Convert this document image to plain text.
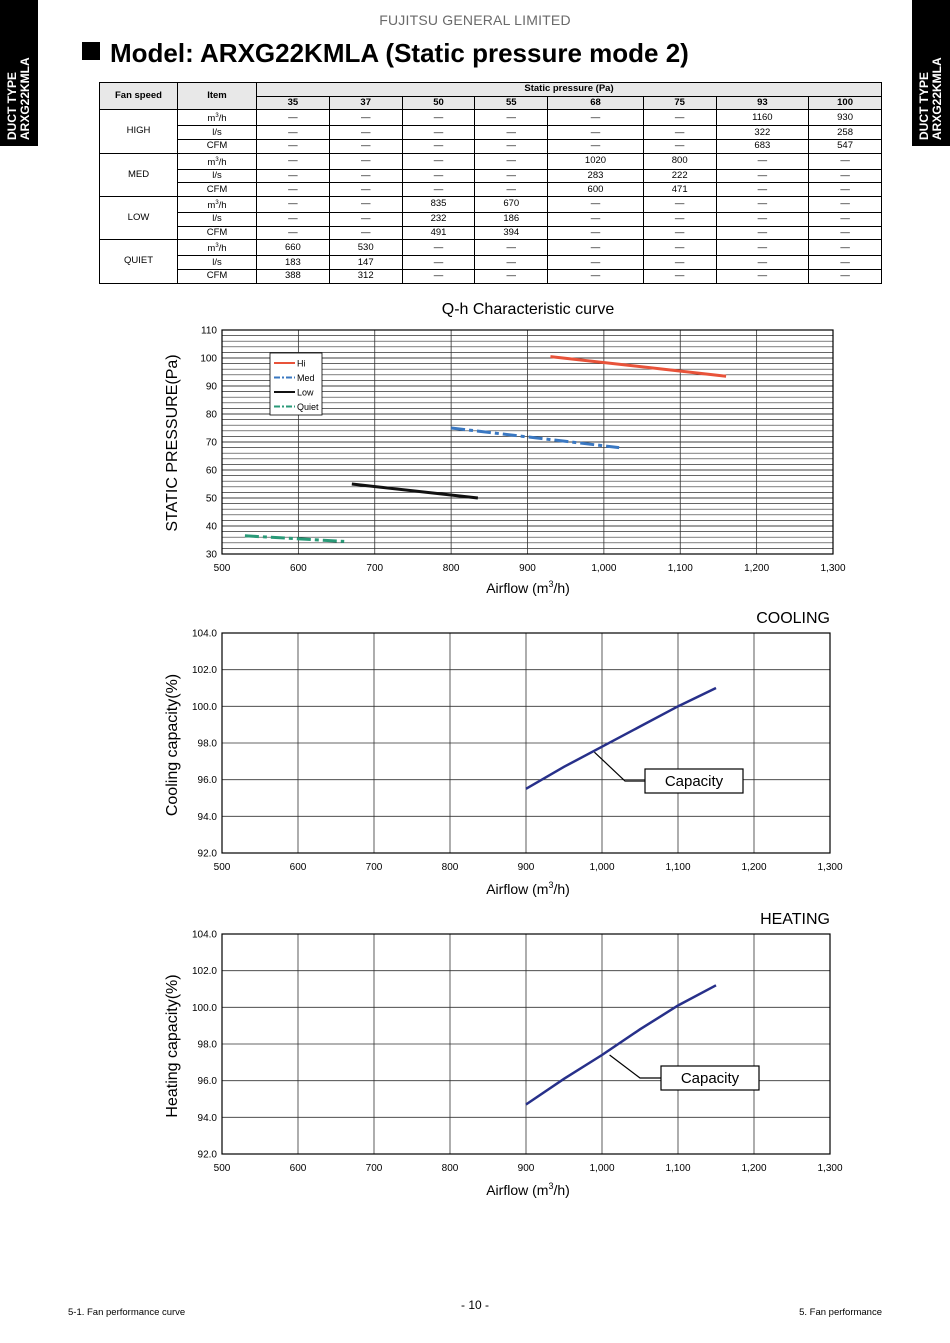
FUJITSU GENERAL LIMITED
DUCT TYPE
ARXG22KMLA	DUCT TYPE
ARXG22KMLA
Model: ARXG22KMLA (Static pressure mode 2)
Fan speed	Item	Static pressure (Pa)							
		35	37	50	55	68	75	93	100
HIGH	$m^3/h$	—	—	—	—	—	—	1160	930
	l/s	—	—	—	—	—	—	322	258
	CFM	—	—	—	—	—	—	683	547
MED	$m^3/h$	—	—	—	—	1020	800	—	—
	l/s	—	—	—	—	283	222	—	—
	CFM	—	—	—	—	600	471	—	—
LOW	$m^3/h$	—	—	835	670	—	—	—	—
	l/s	—	—	232	186	—	—	—	—
	CFM	—	—	491	394	—	—	—	—
QUIET	$m^3/h$	660	530	—	—	—	—	—	—
	l/s	183	147	—	—	—	—	—	—
	CFM	388	312	—	—	—	—	—	—
Q-h Characteristic curve
30
40
50
60
70
80
90
100
110
500	600	700	800	900	1,000	1,100	1,200	1,300
Hi
Med
Low
Quiet
STATIC PRESSURE(Pa)
Airflow $(m^3/h)$
COOLING
92.0
94.0
96.0
98.0
100.0
102.0
104.0
500	600	700	800	900	1,000	1,100	1,200	1,300
Capacity
Cooling capacity(%)
Airflow $(m^3/h)$
HEATING
92.0
94.0
96.0
98.0
100.0
102.0
104.0
500	600	700	800	900	1,000	1,100	1,200	1,300
Capacity
Heating capacity(%)
Airflow $(m^3/h)$
5-1. Fan performance curve
- 10 -
5. Fan performance
